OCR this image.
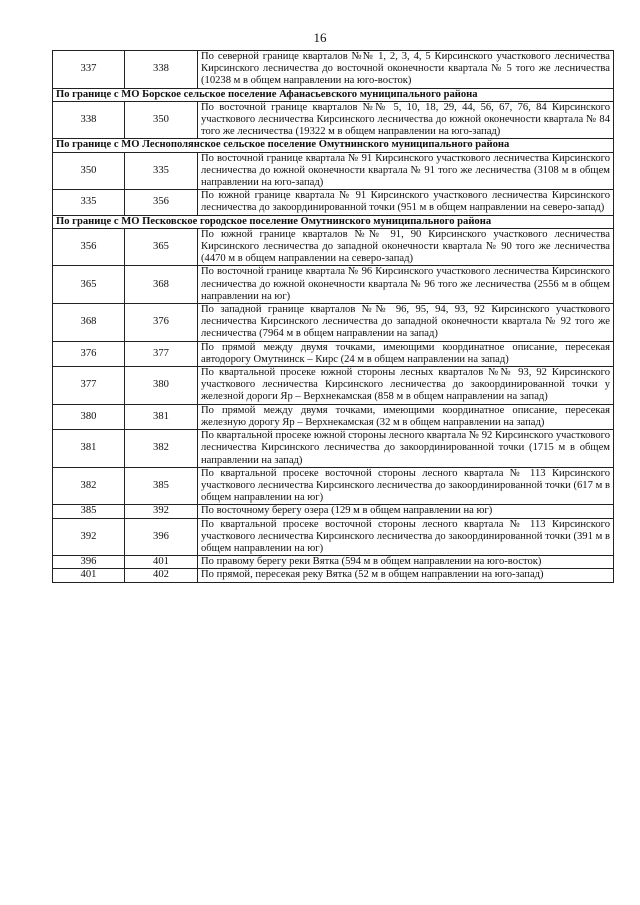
16
337	338	По северной границе кварталов №№ 1, 2, 3, 4, 5 Кирсинского участкового лесничества Кирсинского лесничества до восточной оконечности квартала № 5 того же лесничества (10238 м в общем направлении на юго-восток)
По границе с МО Борское сельское поселение Афанасьевского муниципального района		
338	350	По восточной границе кварталов №№ 5, 10, 18, 29, 44, 56, 67, 76, 84 Кирсинского участкового лесничества Кирсинского лесничества до южной оконечности квартала № 84 того же лесничества (19322 м в общем направлении на юго-запад)
По границе с МО Леснополянское сельское поселение Омутнинского муниципального района		
350	335	По восточной границе квартала № 91 Кирсинского участкового лесничества Кирсинского лесничества до южной оконечности квартала № 91 того же лесничества (3108 м в общем направлении на юго-запад)
335	356	По южной границе квартала № 91 Кирсинского участкового лесничества Кирсинского лесничества до закоординированной точки (951 м в общем направлении на северо-запад)
По границе с МО Песковское городское поселение Омутнинского муниципального района		
356	365	По южной границе кварталов №№ 91, 90 Кирсинского участкового лесничества Кирсинского лесничества до западной оконечности квартала № 90 того же лесничества (4470 м в общем направлении на северо-запад)
365	368	По восточной границе квартала № 96 Кирсинского участкового лесничества Кирсинского лесничества до южной оконечности квартала № 96 того же лесничества (2556 м в общем направлении на юг)
368	376	По западной границе кварталов №№ 96, 95, 94, 93, 92 Кирсинского участкового лесничества Кирсинского лесничества до западной оконечности квартала № 92 того же лесничества (7964 м в общем направлении на запад)
376	377	По прямой между двумя точками, имеющими координатное описание, пересекая автодорогу Омутнинск – Кирс (24 м в общем направлении на запад)
377	380	По квартальной просеке южной стороны лесных кварталов №№ 93, 92 Кирсинского участкового лесничества Кирсинского лесничества до закоординированной точки у железной дороги Яр – Верхнекамская (858 м в общем направлении на запад)
380	381	По прямой между двумя точками, имеющими координатное описание, пересекая железную дорогу Яр – Верхнекамская (32 м в общем направлении на запад)
381	382	По квартальной просеке южной стороны лесного квартала № 92 Кирсинского участкового лесничества Кирсинского лесничества до закоординированной точки (1715 м в общем направлении на запад)
382	385	По квартальной просеке восточной стороны лесного квартала № 113 Кирсинского участкового лесничества Кирсинского лесничества до закоординированной точки (617 м в общем направлении на юг)
385	392	По восточному берегу озера (129 м в общем направлении на юг)
392	396	По квартальной просеке восточной стороны лесного квартала № 113 Кирсинского участкового лесничества Кирсинского лесничества до закоординированной точки (391 м в общем направлении на юг)
396	401	По правому берегу реки Вятка (594 м в общем направлении на юго-восток)
401	402	По прямой, пересекая реку Вятка (52 м в общем направлении на юго-запад)
